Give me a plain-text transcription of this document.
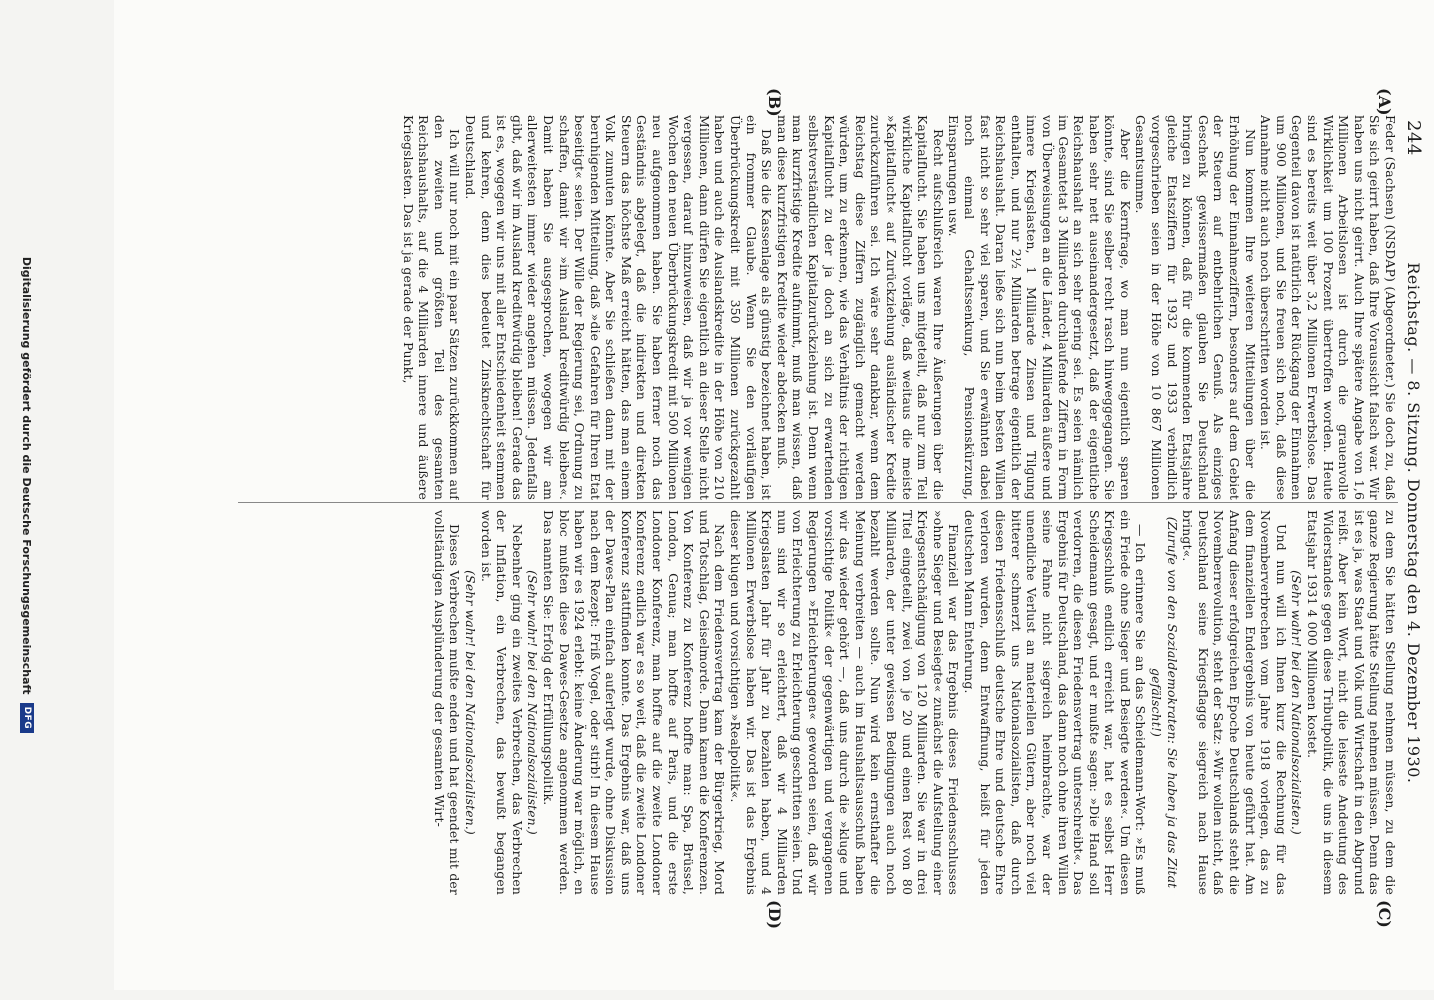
244
Reichstag. — 8. Sitzung. Donnerstag den 4. Dezember 1930.
(A)
(B)
(C)
(D)

Feder (Sachsen) (NSDAP) (Abgeordneter.) Sie doch zu, daß Sie sich geirrt haben, daß Ihre Voraussicht falsch war. Wir haben uns nicht geirrt. Auch Ihre spätere Angabe von 1,6 Millionen Arbeitslosen ist durch die grauenvolle Wirklichkeit um 100 Prozent übertroffen worden. Heute sind es bereits weit über 3,2 Millionen Erwerbslose. Das Gegenteil davon ist natürlich der Rückgang der Einnahmen um 900 Millionen, und Sie freuen sich noch, daß diese Annahme nicht auch noch überschritten worden ist.

Nun kommen Ihre weiteren Mitteilungen über die Erhöhung der Einnahmeziffern, besonders auf dem Gebiet der Steuern auf entbehrlichen Genuß. Als einziges Geschenk gewissermaßen glauben Sie Deutschland bringen zu können, daß für die kommenden Etatsjahre gleiche Etatsziffern für 1932 und 1933 verbindlich vorgeschrieben seien in der Höhe von 10 867 Millionen Gesamtsumme.

Aber die Kernfrage, wo man nun eigentlich sparen könnte, sind Sie selber recht rasch hinweggegangen. Sie haben sehr nett auseinandergesetzt, daß der eigentliche Reichshaushalt an sich sehr gering sei. Es seien nämlich im Gesamtetat 3 Milliarden durchlaufende Ziffern in Form von Überweisungen an die Länder, 4 Milliarden äußere und innere Kriegslasten, 1 Milliarde Zinsen und Tilgung enthalten, und nur 2½ Milliarden betrage eigentlich der Reichshaushalt. Daran ließe sich nun beim besten Willen fast nicht so sehr viel sparen, und Sie erwähnten dabei noch einmal Gehaltssenkung, Pensionskürzung, Einsparungen usw.

Recht aufschlußreich waren Ihre Äußerungen über die Kapitalflucht. Sie haben uns mitgeteilt, daß nur zum Teil wirkliche Kapitalflucht vorläge, daß weitaus die meiste »Kapitalflucht« auf Zurückziehung ausländischer Kredite zurückzuführen sei. Ich wäre sehr dankbar, wenn dem Reichstag diese Ziffern zugänglich gemacht werden würden, um zu erkennen, wie das Verhältnis der richtigen Kapitalflucht zu der ja doch an sich zu erwartenden selbstverständlichen Kapitalzurückziehung ist. Denn wenn man kurzfristige Kredite aufnimmt, muß man wissen, daß man diese kurzfristigen Kredite wieder abdecken muß.

Daß Sie die Kassenlage als günstig bezeichnet haben, ist ein frommer Glaube. Wenn Sie den vorläufigen Überbrückungskredit mit 350 Millionen zurückgezahlt haben und auch die Auslandskredite in der Höhe von 210 Millionen, dann dürfen Sie eigentlich an dieser Stelle nicht vergessen, darauf hinzuweisen, daß wir ja vor wenigen Wochen den neuen Überbrückungskredit mit 500 Millionen neu aufgenommen haben. Sie haben ferner noch das Geständnis abgelegt, daß die indirekten und direkten Steuern das höchste Maß erreicht hätten, das man einem Volk zumuten könnte. Aber Sie schließen dann mit der beruhigenden Mitteilung, daß »die Gefahren für Ihren Etat beseitigt« seien. Der Wille der Regierung sei, Ordnung zu schaffen, damit wir »im Ausland kreditwürdig bleiben«. Damit haben Sie ausgesprochen, wogegen wir am allerweitesten immer wieder angehen müssen. Jedenfalls gibt, daß wir im Ausland kreditwürdig bleiben! Gerade das ist es, wogegen wir uns mit aller Entschiedenheit stemmen und kehren, denn dies bedeutet Zinsknechtschaft für Deutschland.

Ich will nur noch mit ein paar Sätzen zurückkommen auf den zweiten und größten Teil des gesamten Reichshaushalts, auf die 4 Milliarden innere und äußere Kriegslasten. Das ist ja gerade der Punkt,

zu dem Sie hätten Stellung nehmen müssen, zu dem die ganze Regierung hätte Stellung nehmen müssen. Denn das ist es ja, was Staat und Volk und Wirtschaft in den Abgrund reißt. Aber kein Wort, nicht die leiseste Andeutung des Widerstandes gegen diese Tributpolitik, die uns in diesem Etatsjahr 1931 4 000 Millionen kostet.

(Sehr wahr! bei den Nationalsozialisten.)

Und nun will ich Ihnen kurz die Rechnung für das Novemberverbrechen vom Jahre 1918 vorlegen, das zu dem finanziellen Endergebnis von heute geführt hat. Am Anfang dieser erfolgreichen Epoche Deutschlands steht die Novemberrevolution, steht der Satz: »Wir wollen nicht, daß Deutschland seine Kriegsflagge siegreich nach Hause bringt«.

(Zurufe von den Sozialdemokraten: Sie haben ja das Zitat gefälscht!)

— Ich erinnere Sie an das Scheidemann-Wort: »Es muß ein Friede ohne Sieger und Besiegte werden«. Um diesen Kriegsschluß endlich erreicht war, hat es selbst Herr Scheidemann gesagt, und er mußte sagen: »Die Hand soll verdorren, die diesen Friedensvertrag unterschreibt«. Das Ergebnis für Deutschland, das dann noch ohne ihren Willen seine Fahne nicht siegreich heimbrachte, war der unendliche Verlust an materiellen Gütern, aber noch viel bitterer schmerzt uns Nationalsozialisten, daß durch diesen Friedensschluß deutsche Ehre und deutsche Ehre verloren wurden, denn Entwaffnung, heißt für jeden deutschen Mann Entehrung.

Finanziell war das Ergebnis dieses Friedensschlusses »ohne Sieger und Besiegte« zunächst die Aufstellung einer Kriegsentschädigung von 120 Milliarden. Sie war in drei Titel eingeteilt, zwei von je 20 und einen Rest von 80 Milliarden, der unter gewissen Bedingungen auch noch bezahlt werden sollte. Nun wird kein ernsthafter die Meinung verbreiten — auch im Haushaltsausschuß haben wir das wieder gehört —, daß uns durch die »kluge und vorsichtige Politik« der gegenwärtigen und vergangenen Regierungen »Erleichterungen« geworden seien, daß wir von Erleichterung zu Erleichterung geschritten seien. Und nun sind wir so erleichtert, daß wir 4 Milliarden Kriegslasten Jahr für Jahr zu bezahlen haben, und 4 Millionen Erwerbslose haben wir. Das ist das Ergebnis dieser klugen und vorsichtigen »Realpolitik«.

Nach dem Friedensvertrag kam der Bürgerkrieg, Mord und Totschlag, Geiselmorde. Dann kamen die Konferenzen. Von Konferenz zu Konferenz hoffte man: Spa, Brüssel, London, Genua; man hoffte auf Paris, und die erste Londoner Konferenz, man hoffte auf die zweite Londoner Konferenz endlich war es so weit, daß die zweite Londoner Konferenz stattfinden konnte. Das Ergebnis war, daß uns der Dawes-Plan einfach auferlegt wurde, ohne Diskussion nach dem Rezept: Friß Vogel, oder stirb! In diesem Hause haben wir es 1924 erlebt: keine Änderung war möglich, en bloc mußten diese Dawes-Gesetze angenommen werden. Das nannten Sie: Erfolg der Erfüllungspolitik.

(Sehr wahr! bei den Nationalsozialisten.)

Nebenher ging ein zweites Verbrechen, das Verbrechen der Inflation, ein Verbrechen, das bewußt begangen worden ist.

(Sehr wahr! bei den Nationalsozialisten.)

Dieses Verbrechen mußte enden und hat geendet mit der vollständigen Ausplünderung der gesamten Wirt-

Digitalisierung gefördert durch die Deutsche Forschungsgemeinschaft
DFG
